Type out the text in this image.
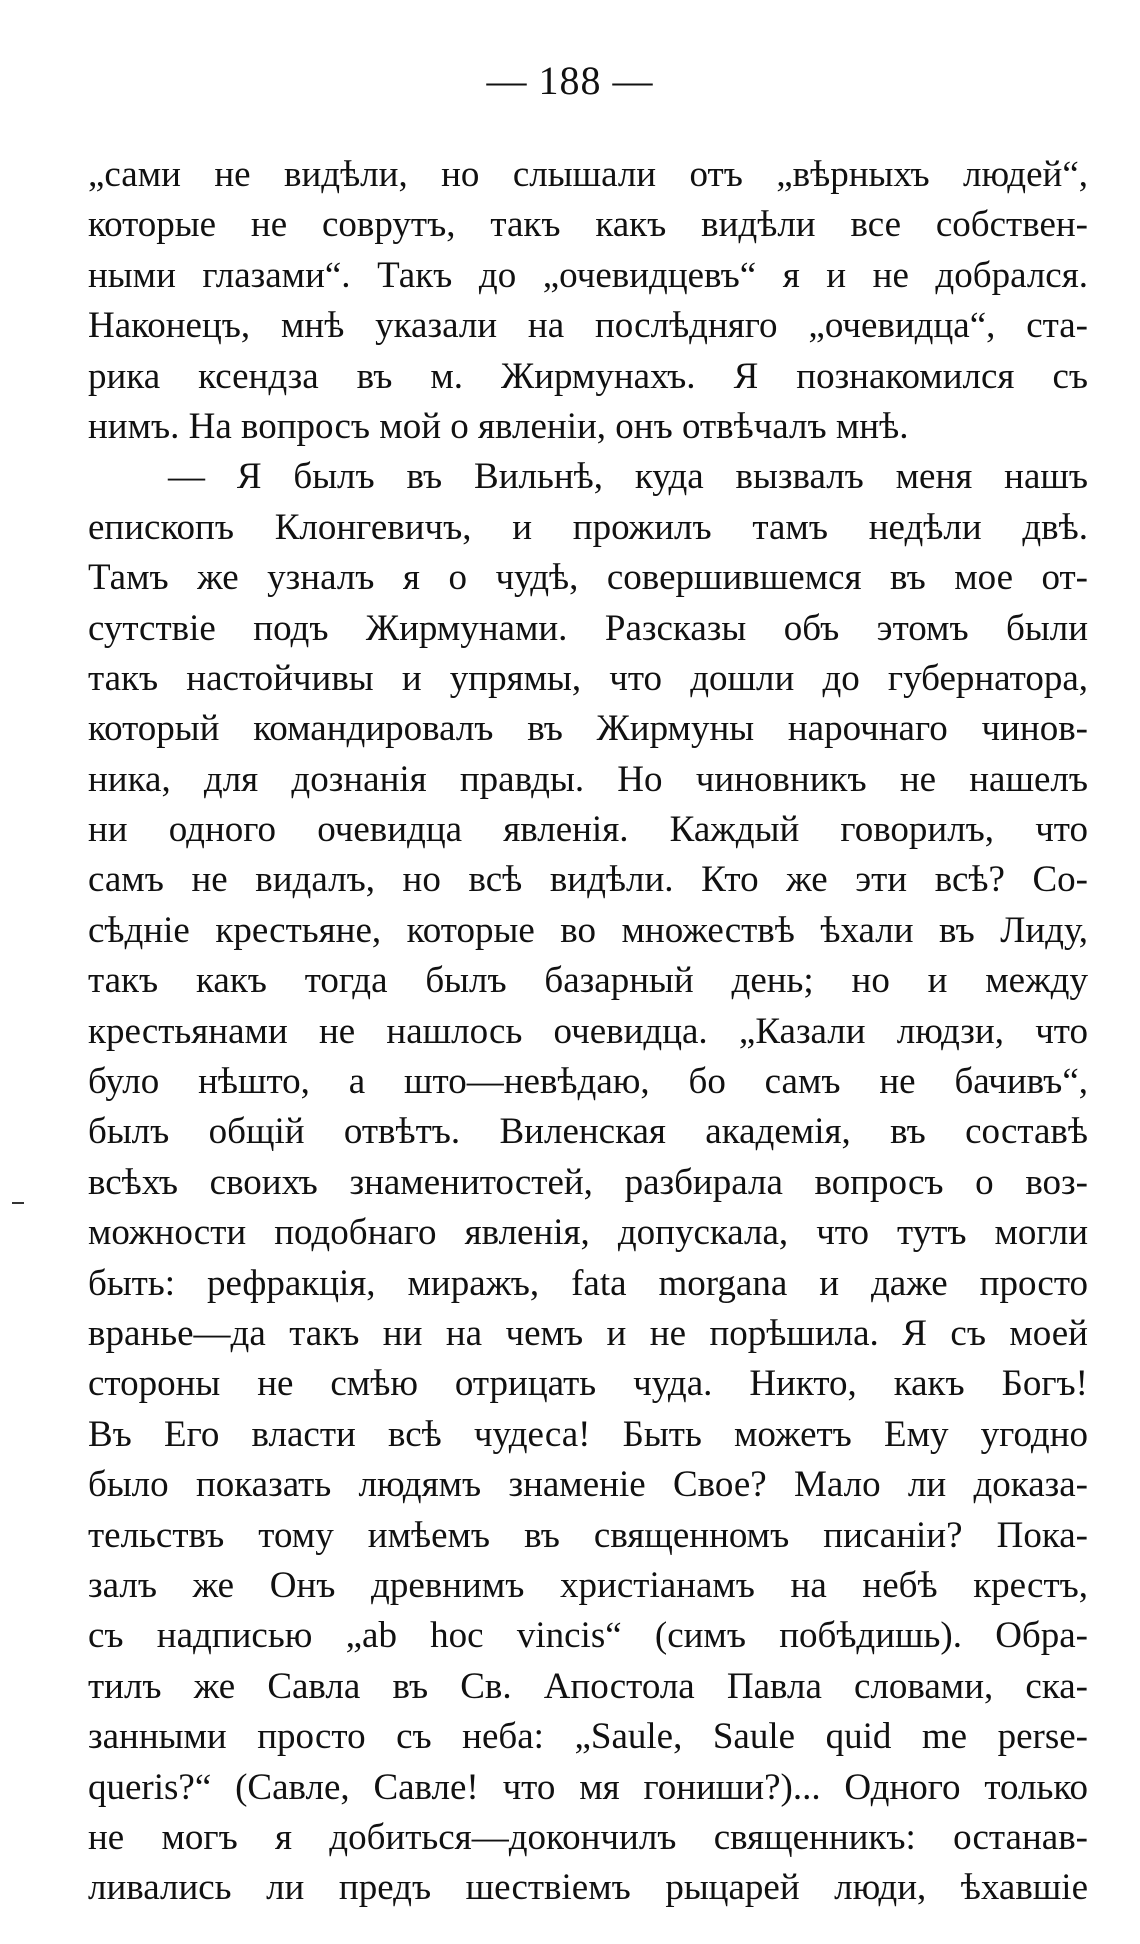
— 188 —
„сами не видѣли, но слышали отъ „вѣрныхъ людей“,
которые не соврутъ, такъ какъ видѣли все собствен-
ными глазами“. Такъ до „очевидцевъ“ я и не добрался.
Наконецъ, мнѣ указали на послѣдняго „очевидца“, ста-
рика ксендза въ м. Жирмунахъ. Я познакомился съ
нимъ. На вопросъ мой о явленіи, онъ отвѣчалъ мнѣ.
— Я былъ въ Вильнѣ, куда вызвалъ меня нашъ
епископъ Клонгевичъ, и прожилъ тамъ недѣли двѣ.
Тамъ же узналъ я о чудѣ, совершившемся въ мое от-
сутствіе подъ Жирмунами. Разсказы объ этомъ были
такъ настойчивы и упрямы, что дошли до губернатора,
который командировалъ въ Жирмуны нарочнаго чинов-
ника, для дознанія правды. Но чиновникъ не нашелъ
ни одного очевидца явленія. Каждый говорилъ, что
самъ не видалъ, но всѣ видѣли. Кто же эти всѣ? Со-
сѣдніе крестьяне, которые во множествѣ ѣхали въ Лиду,
такъ какъ тогда былъ базарный день; но и между
крестьянами не нашлось очевидца. „Казали людзи, что
було нѣшто, а што—невѣдаю, бо самъ не бачивъ“,
былъ общій отвѣтъ. Виленская академія, въ составѣ
всѣхъ своихъ знаменитостей, разбирала вопросъ о воз-
можности подобнаго явленія, допускала, что тутъ могли
быть: рефракція, миражъ, fata morgana и даже просто
вранье—да такъ ни на чемъ и не порѣшила. Я съ моей
стороны не смѣю отрицать чуда. Никто, какъ Богъ!
Въ Его власти всѣ чудеса! Быть можетъ Ему угодно
было показать людямъ знаменіе Свое? Мало ли доказа-
тельствъ тому имѣемъ въ священномъ писаніи? Пока-
залъ же Онъ древнимъ христіанамъ на небѣ крестъ,
съ надписью „ab hoc vincis“ (симъ побѣдишь). Обра-
тилъ же Савла въ Св. Апостола Павла словами, ска-
занными просто съ неба: „Saule, Saule quid me perse-
queris?“ (Савле, Савле! что мя гониши?)... Одного только
не могъ я добиться—докончилъ священникъ: останав-
ливались ли предъ шествіемъ рыцарей люди, ѣхавшіе
